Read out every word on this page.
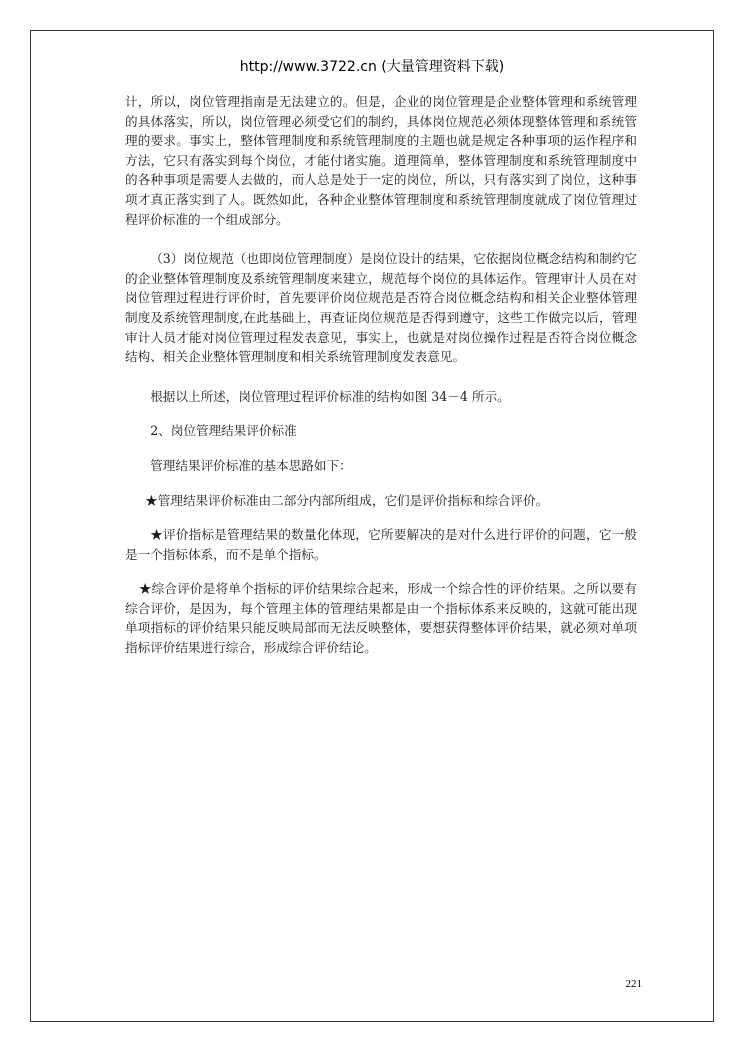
http://www.3722.cn (大量管理资料下载)

计，所以，岗位管理指南是无法建立的。但是，企业的岗位管理是企业整体管理和系统管理的具体落实，所以，岗位管理必须受它们的制约，具体岗位规范必须体现整体管理和系统管理的要求。事实上，整体管理制度和系统管理制度的主题也就是规定各种事项的运作程序和方法，它只有落实到每个岗位，才能付诸实施。道理简单，整体管理制度和系统管理制度中的各种事项是需要人去做的，而人总是处于一定的岗位，所以，只有落实到了岗位，这种事项才真正落实到了人。既然如此，各种企业整体管理制度和系统管理制度就成了岗位管理过程评价标准的一个组成部分。

（3）岗位规范（也即岗位管理制度）是岗位设计的结果，它依据岗位概念结构和制约它的企业整体管理制度及系统管理制度来建立，规范每个岗位的具体运作。管理审计人员在对岗位管理过程进行评价时，首先要评价岗位规范是否符合岗位概念结构和相关企业整体管理制度及系统管理制度,在此基础上，再查证岗位规范是否得到遵守，这些工作做完以后，管理审计人员才能对岗位管理过程发表意见，事实上，也就是对岗位操作过程是否符合岗位概念结构、相关企业整体管理制度和相关系统管理制度发表意见。

根据以上所述，岗位管理过程评价标准的结构如图 34－4 所示。

2、岗位管理结果评价标准

管理结果评价标准的基本思路如下：

★管理结果评价标准由二部分内部所组成，它们是评价指标和综合评价。

★评价指标是管理结果的数量化体现，它所要解决的是对什么进行评价的问题，它一般是一个指标体系，而不是单个指标。

★综合评价是将单个指标的评价结果综合起来，形成一个综合性的评价结果。之所以要有综合评价，是因为，每个管理主体的管理结果都是由一个指标体系来反映的，这就可能出现单项指标的评价结果只能反映局部而无法反映整体，要想获得整体评价结果，就必须对单项指标评价结果进行综合，形成综合评价结论。

221
